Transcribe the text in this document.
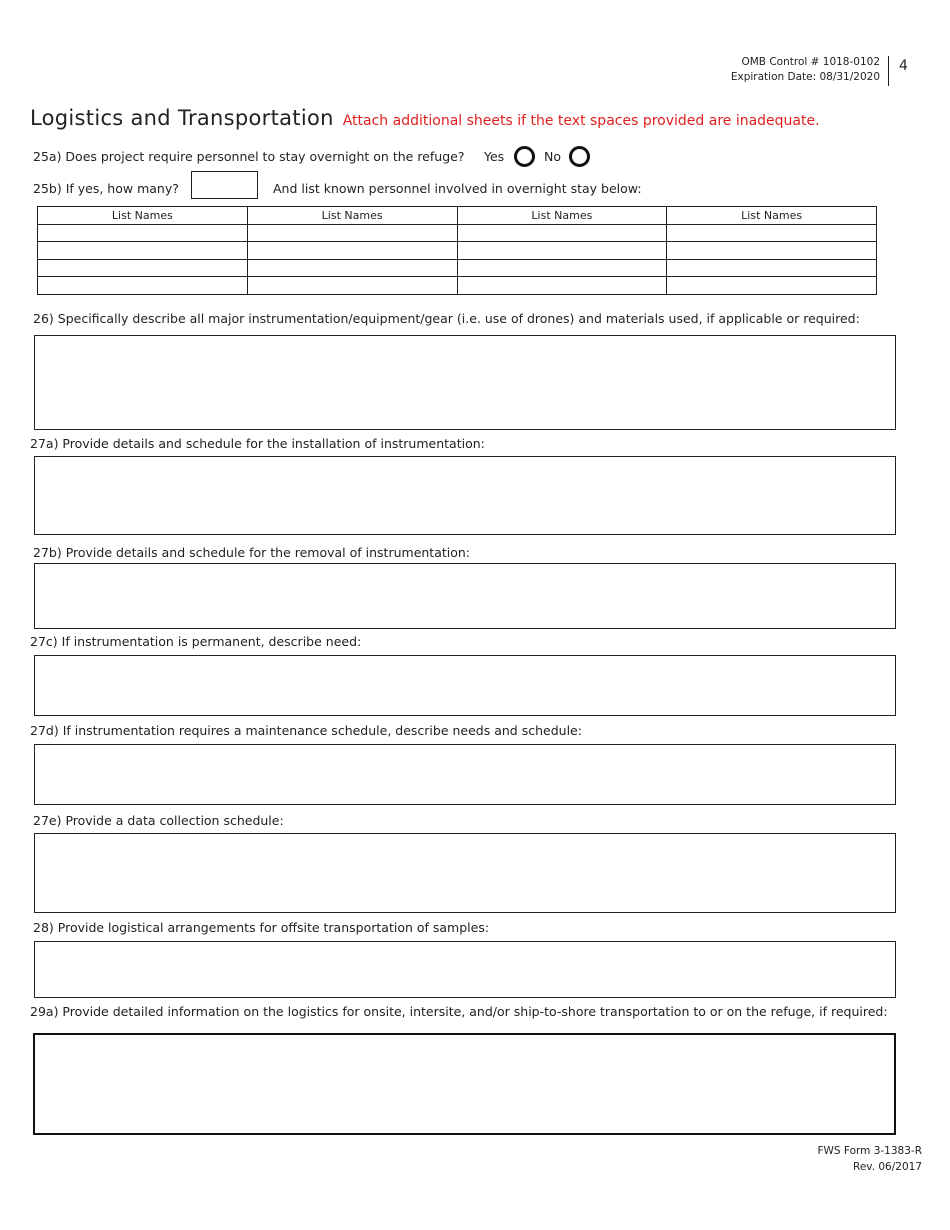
OMB Control # 1018-0102
Expiration Date: 08/31/2020
4
Logistics and Transportation Attach additional sheets if the text spaces provided are inadequate.
25a) Does project require personnel to stay overnight on the refuge? Yes	No
25b) If yes, how many?	And list known personnel involved in overnight stay below:
List Names	List Names	List Names	List Names

26) Specifically describe all major instrumentation/equipment/gear (i.e. use of drones) and materials used, if applicable or required:
27a) Provide details and schedule for the installation of instrumentation:
27b) Provide details and schedule for the removal of instrumentation:
27c) If instrumentation is permanent, describe need:
27d) If instrumentation requires a maintenance schedule, describe needs and schedule:
27e) Provide a data collection schedule:
28) Provide logistical arrangements for offsite transportation of samples:
29a) Provide detailed information on the logistics for onsite, intersite, and/or ship-to-shore transportation to or on the refuge, if required:
FWS Form 3-1383-R
Rev. 06/2017
